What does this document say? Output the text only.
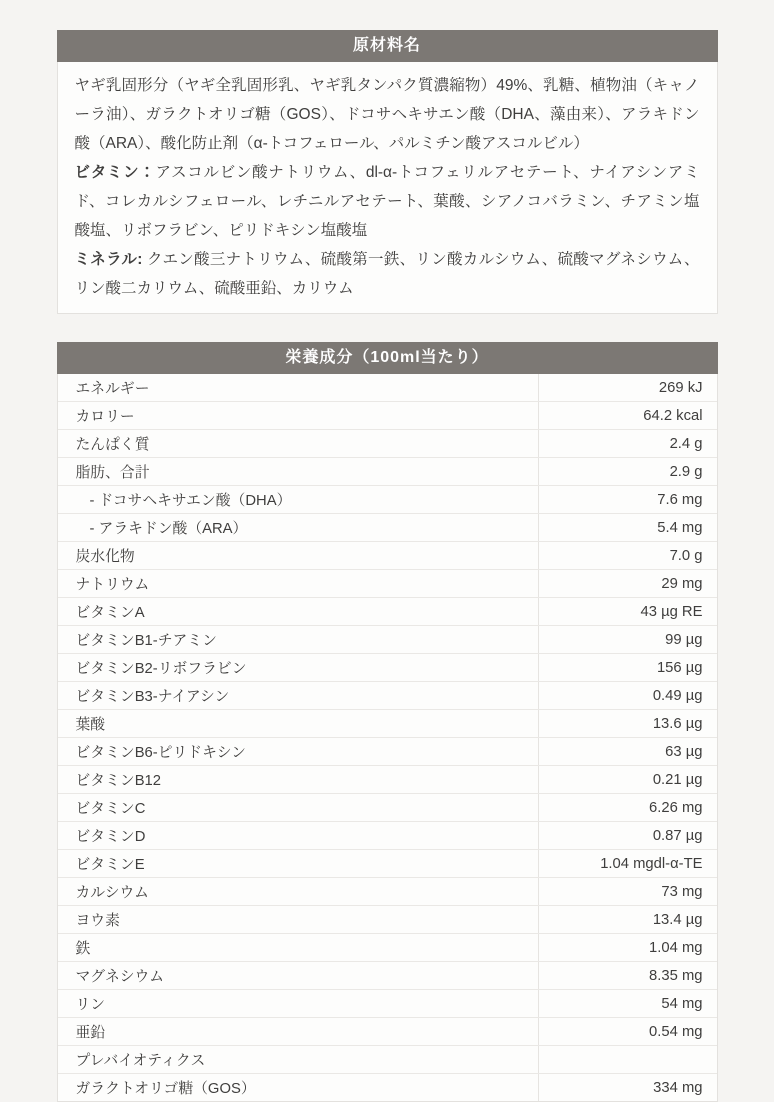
原材料名

ヤギ乳固形分（ヤギ全乳固形乳、ヤギ乳タンパク質濃縮物）49%、乳糖、植物油（キャノーラ油）、ガラクトオリゴ糖（GOS）、ドコサヘキサエン酸（DHA、藻由来）、アラキドン酸（ARA）、酸化防止剤（α-トコフェロール、パルミチン酸アスコルビル）

ビタミン：アスコルビン酸ナトリウム、dl-α-トコフェリルアセテート、ナイアシンアミド、コレカルシフェロール、レチニルアセテート、葉酸、シアノコバラミン、チアミン塩酸塩、リボフラビン、ピリドキシン塩酸塩

ミネラル: クエン酸三ナトリウム、硫酸第一鉄、リン酸カルシウム、硫酸マグネシウム、リン酸二カリウム、硫酸亜鉛、カリウム

栄養成分（100ml当たり）
エネルギー	269 kJ
カロリー	64.2 kcal
たんぱく質	2.4 g
脂肪、合計	2.9 g
- ドコサヘキサエン酸（DHA）	7.6 mg
- アラキドン酸（ARA）	5.4 mg
炭水化物	7.0 g
ナトリウム	29 mg
ビタミンA	43 µg RE
ビタミンB1-チアミン	99 µg
ビタミンB2-リボフラビン	156 µg
ビタミンB3-ナイアシン	0.49 µg
葉酸	13.6 µg
ビタミンB6-ピリドキシン	63 µg
ビタミンB12	0.21 µg
ビタミンC	6.26 mg
ビタミンD	0.87 µg
ビタミンE	1.04 mgdl-α-TE
カルシウム	73 mg
ヨウ素	13.4 µg
鉄	1.04 mg
マグネシウム	8.35 mg
リン	54 mg
亜鉛	0.54 mg
プレバイオティクス
ガラクトオリゴ糖（GOS）	334 mg
